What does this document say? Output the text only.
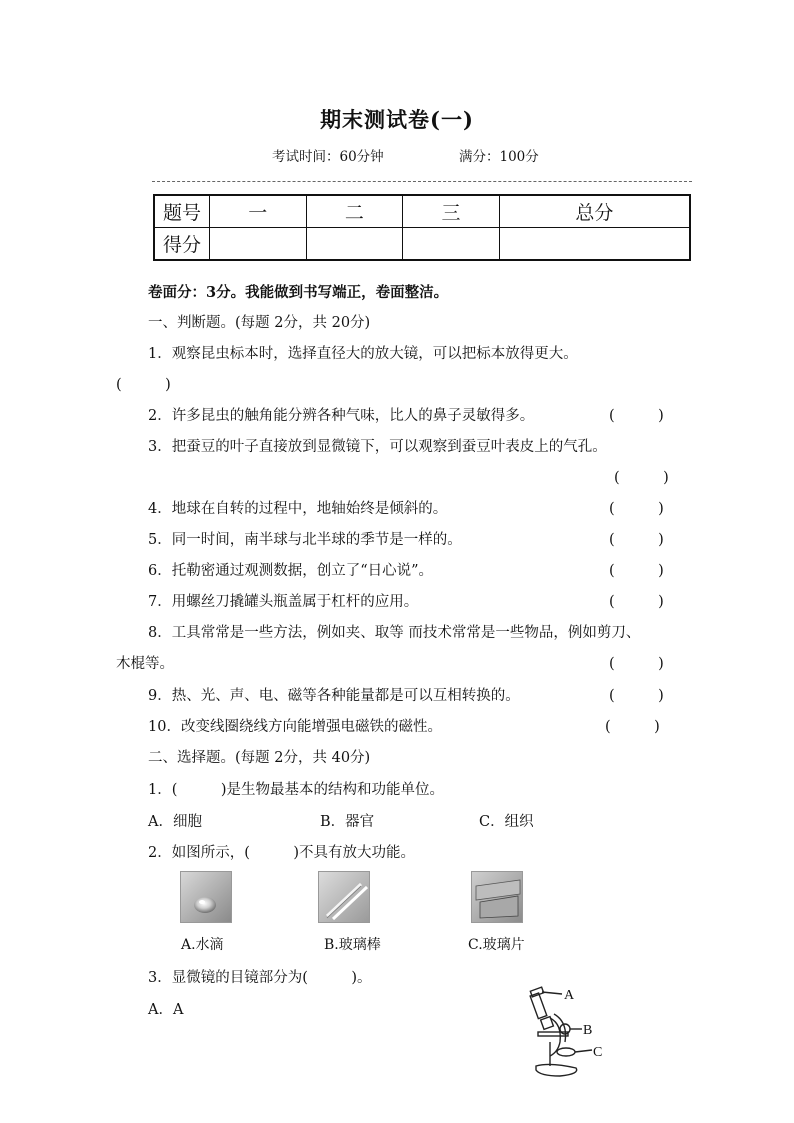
期末测试卷(一)
考试时间：60分钟	满分：100分
题号	一	二	三	总分
得分				
卷面分：3分。我能做到书写端正，卷面整洁。
一、判断题。(每题 2分，共 20分)
1．观察昆虫标本时，选择直径大的放大镜，可以把标本放得更大。
(　　　)
2．许多昆虫的触角能分辨各种气味，比人的鼻子灵敏得多。	(　　　)
3．把蚕豆的叶子直接放到显微镜下，可以观察到蚕豆叶表皮上的气孔。
(　　　)
4．地球在自转的过程中，地轴始终是倾斜的。	(　　　)
5．同一时间，南半球与北半球的季节是一样的。	(　　　)
6．托勒密通过观测数据，创立了“日心说”。	(　　　)
7．用螺丝刀撬罐头瓶盖属于杠杆的应用。	(　　　)
8．工具常常是一些方法，例如夹、取等 而技术常常是一些物品，例如剪刀、
木棍等。	(　　　)
9．热、光、声、电、磁等各种能量都是可以互相转换的。	(　　　)
10．改变线圈绕线方向能增强电磁铁的磁性。	(　　　)
二、选择题。(每题 2分，共 40分)
1．(　　　)是生物最基本的结构和功能单位。
A．细胞	B．器官	C．组织
2．如图所示，(　　　)不具有放大功能。
A.水滴	B.玻璃棒	C.玻璃片
3．显微镜的目镜部分为(　　　)。
A．A
A
B
C
